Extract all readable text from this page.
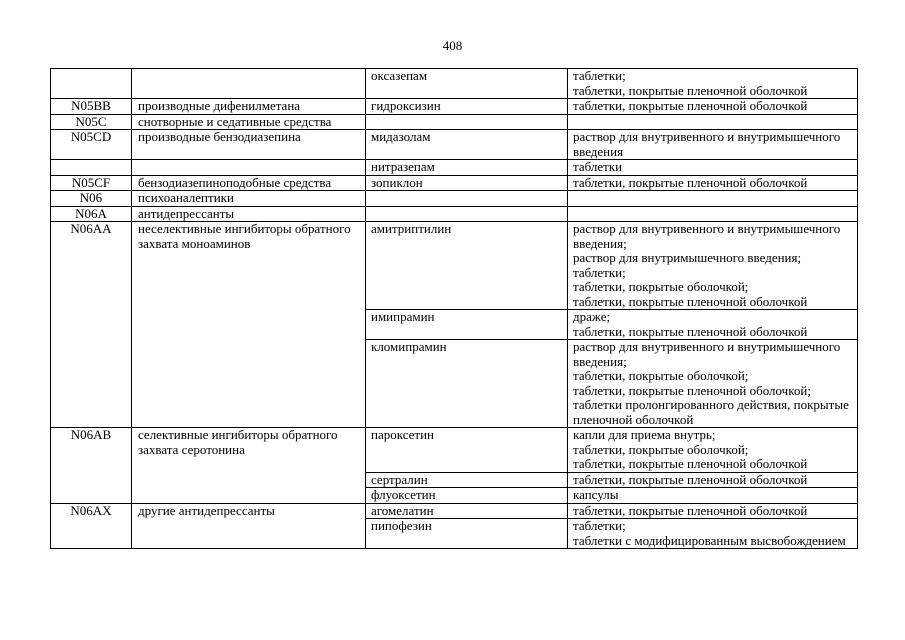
408
		оксазепам	таблетки;
таблетки, покрытые пленочной оболочкой

N05BB	производные дифенилметана	гидроксизин	таблетки, покрытые пленочной оболочкой

N05C	снотворные и седативные средства		
N05CD	производные бензодиазепина	мидазолам	раствор для внутривенного и внутримышечного введения

		нитразепам	таблетки

N05CF	бензодиазепиноподобные средства	зопиклон	таблетки, покрытые пленочной оболочкой

N06	психоаналептики		
N06A	антидепрессанты		
N06AA	неселективные ингибиторы обратного захвата моноаминов	амитриптилин	раствор для внутривенного и внутримышечного введения;
раствор для внутримышечного введения;
таблетки;
таблетки, покрытые оболочкой;
таблетки, покрытые пленочной оболочкой

		имипрамин	драже;
таблетки, покрытые пленочной оболочкой

		кломипрамин	раствор для внутривенного и внутримышечного введения;
таблетки, покрытые оболочкой;
таблетки, покрытые пленочной оболочкой;
таблетки пролонгированного действия, покрытые пленочной оболочкой

N06AB	селективные ингибиторы обратного захвата серотонина	пароксетин	капли для приема внутрь;
таблетки, покрытые оболочкой;
таблетки, покрытые пленочной оболочкой

		сертралин	таблетки, покрытые пленочной оболочкой

		флуоксетин	капсулы

N06AX	другие антидепрессанты	агомелатин	таблетки, покрытые пленочной оболочкой

		пипофезин	таблетки;
таблетки с модифицированным высвобождением
